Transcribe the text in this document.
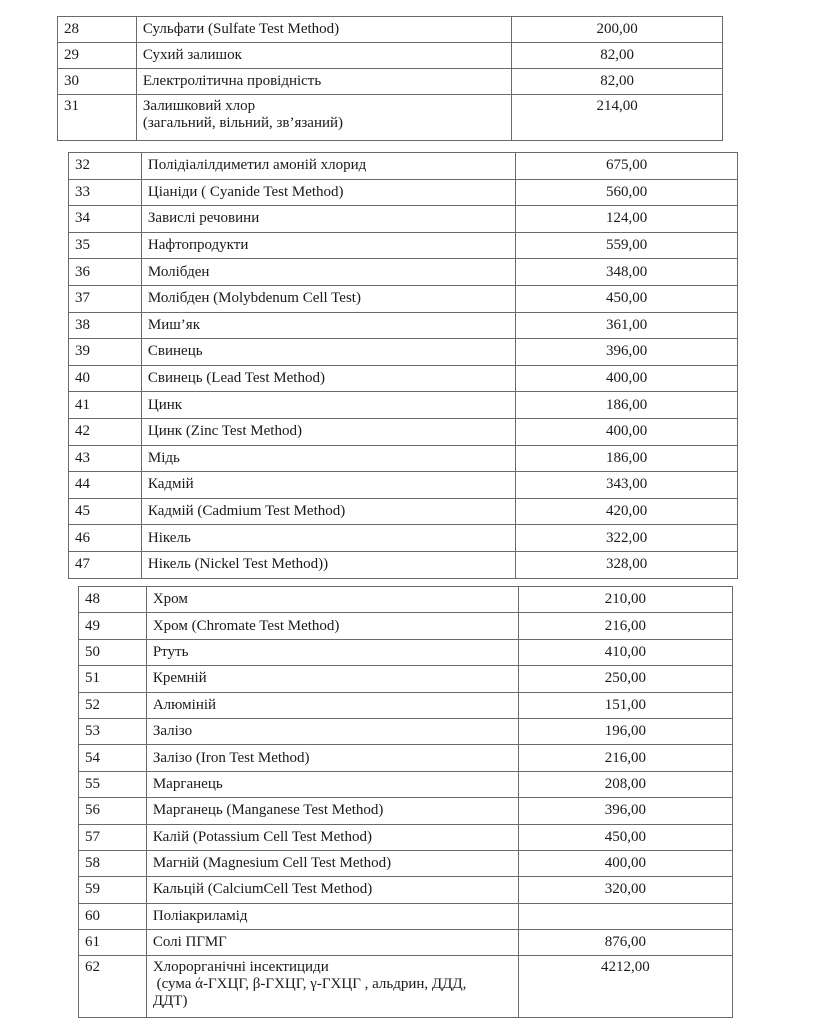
28	Сульфати (Sulfate Test Method)	200,00
29	Сухий залишок	82,00
30	Електролітична провідність	82,00
31	Залишковий хлор
(загальний, вільний, зв’язаний)	214,00
32	Полідіалілдиметил амоній хлорид	675,00
33	Ціаніди ( Cyanide Test Method)	560,00
34	Завислі речовини	124,00
35	Нафтопродукти	559,00
36	Молібден	348,00
37	Молібден (Molybdenum Cell Test)	450,00
38	Миш’як	361,00
39	Свинець	396,00
40	Свинець (Lead Test Method)	400,00
41	Цинк	186,00
42	Цинк (Zinc Test Method)	400,00
43	Мідь	186,00
44	Кадмій	343,00
45	Кадмій (Cadmium Test Method)	420,00
46	Нікель	322,00
47	Нікель (Nickel Test Method))	328,00
48	Хром	210,00
49	Хром (Chromate Test Method)	216,00
50	Ртуть	410,00
51	Кремній	250,00
52	Алюміній	151,00
53	Залізо	196,00
54	Залізо (Iron Test Method)	216,00
55	Марганець	208,00
56	Марганець (Manganese Test Method)	396,00
57	Калій (Potassium Cell Test Method)	450,00
58	Магній (Magnesium Cell Test Method)	400,00
59	Кальцій (CalciumCell Test Method)	320,00
60	Поліакриламід	
61	Солі ПГМГ	876,00
62	Хлорорганічні інсектициди
(сума ά-ГХЦГ, β-ГХЦГ, γ-ГХЦГ , альдрин, ДДД,
ДДТ)	4212,00
